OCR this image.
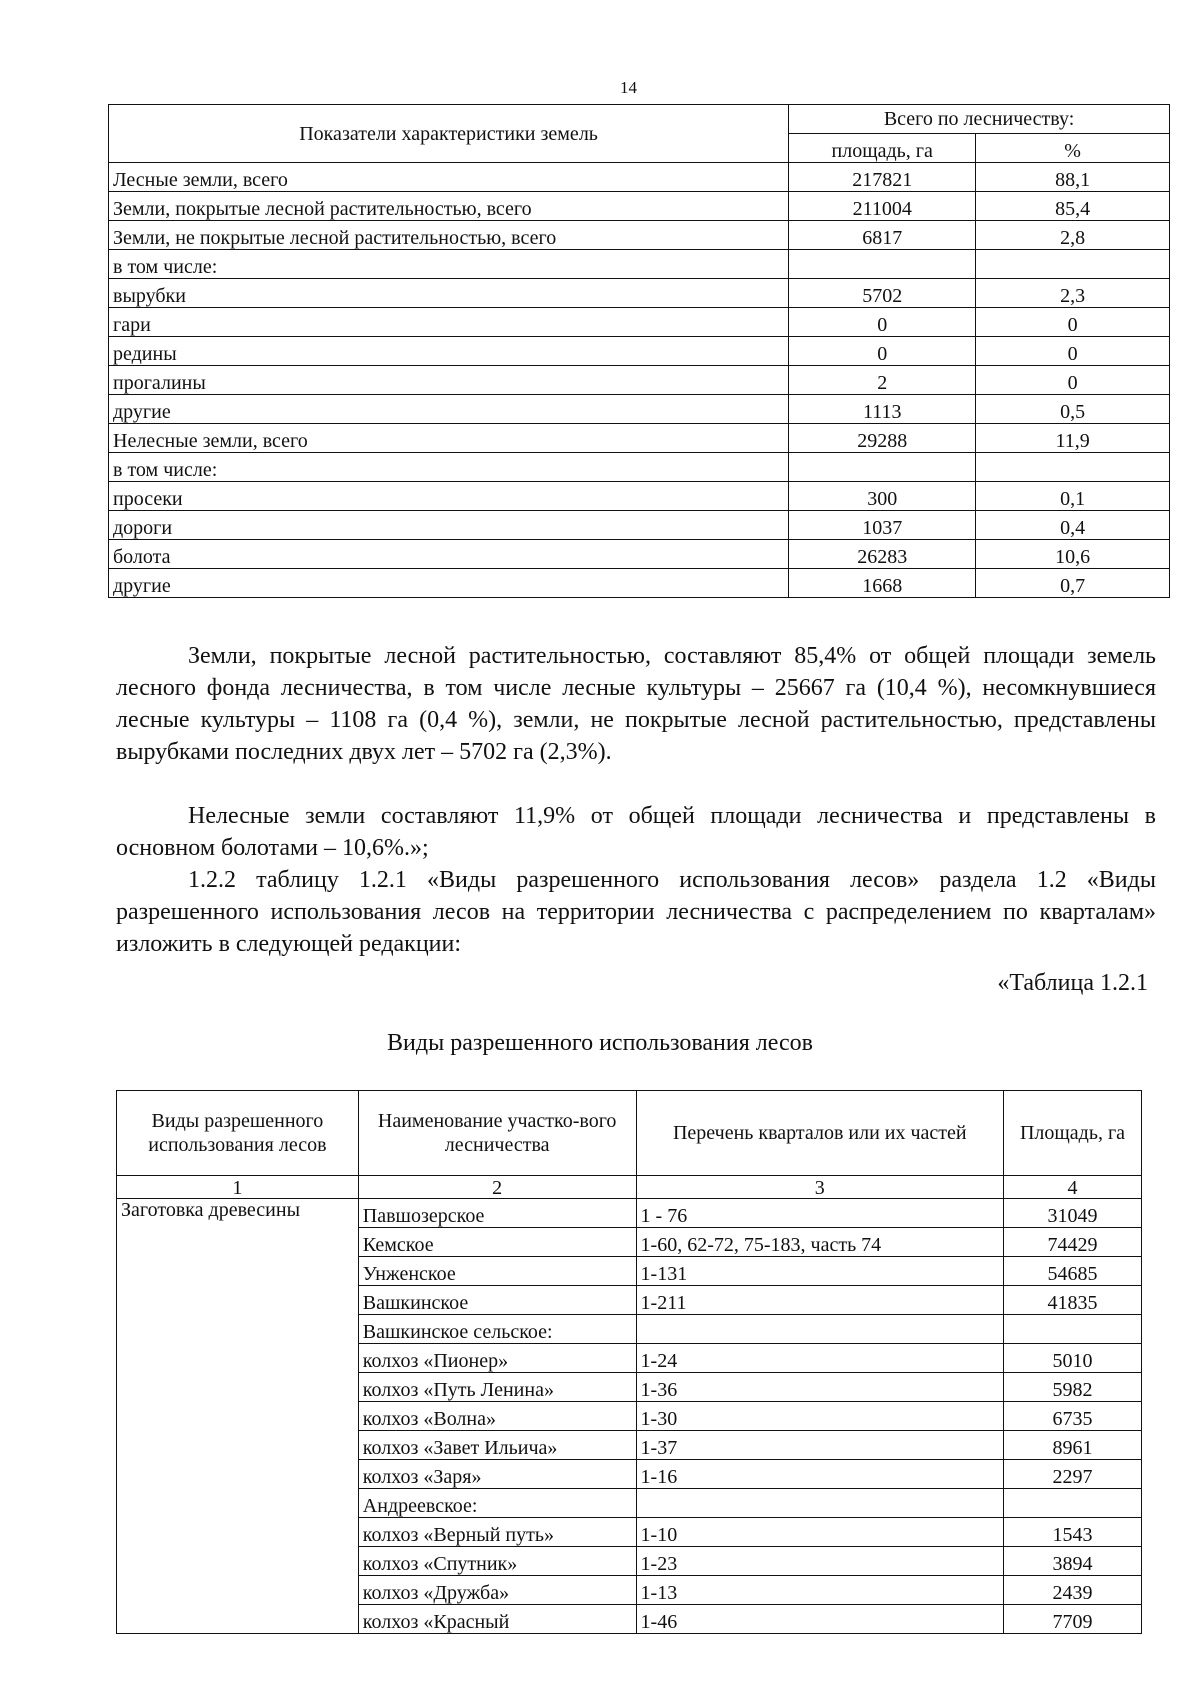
14
Показатели характеристики земель	Всего по лесничеству:	
	площадь, га	%
Лесные земли, всего	217821	88,1
Земли, покрытые лесной растительностью, всего	211004	85,4
Земли, не покрытые лесной растительностью, всего	6817	2,8
в том числе:		
вырубки	5702	2,3
гари	0	0
редины	0	0
прогалины	2	0
другие	1113	0,5
Нелесные земли, всего	29288	11,9
в том числе:		
просеки	300	0,1
дороги	1037	0,4
болота	26283	10,6
другие	1668	0,7

Земли, покрытые лесной растительностью, составляют 85,4% от общей площади земель лесного фонда лесничества, в том числе лесные культуры – 25667 га (10,4 %), несомкнувшиеся лесные культуры – 1108 га (0,4 %), земли, не покрытые лесной растительностью, представлены вырубками последних двух лет – 5702 га (2,3%).

Нелесные земли составляют 11,9% от общей площади лесничества и представлены в основном болотами – 10,6%.»;

1.2.2 таблицу 1.2.1 «Виды разрешенного использования лесов» раздела 1.2 «Виды разрешенного использования лесов на территории лесничества с распределением по кварталам» изложить в следующей редакции:

«Таблица 1.2.1
Виды разрешенного использования лесов
Виды разрешенного использования лесов	Наименование участко-вого лесничества	Перечень кварталов или их частей	Площадь, га
1	2	3	4
Заготовка древесины	Павшозерское	1 - 76	31049
	Кемское	1-60, 62-72, 75-183, часть 74	74429
	Унженское	1-131	54685
	Вашкинское	1-211	41835
	Вашкинское сельское:		
	колхоз «Пионер»	1-24	5010
	колхоз «Путь Ленина»	1-36	5982
	колхоз «Волна»	1-30	6735
	колхоз «Завет Ильича»	1-37	8961
	колхоз «Заря»	1-16	2297
	Андреевское:		
	колхоз «Верный путь»	1-10	1543
	колхоз «Спутник»	1-23	3894
	колхоз «Дружба»	1-13	2439
	колхоз «Красный	1-46	7709
